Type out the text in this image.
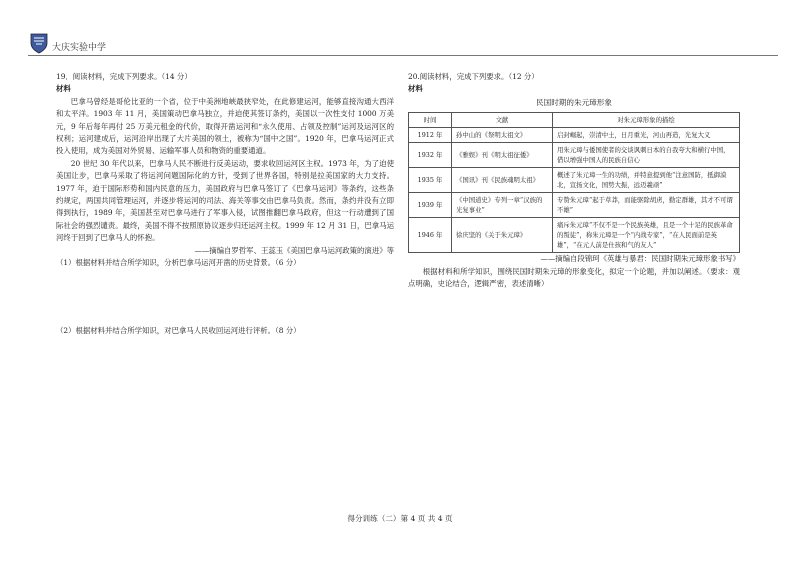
大庆实验中学

19．阅读材料，完成下列要求。（14 分）

材料

巴拿马曾经是哥伦比亚的一个省，位于中美洲地峡最狭窄处，在此修建运河，能够直接沟通大西洋和太平洋。1903 年 11 月，美国策动巴拿马独立，并迫使其签订条约，美国以一次性支付 1000 万美元，9 年后每年再付 25 万美元租金的代价，取得开凿运河和“永久使用、占领及控制”运河及运河区的权利；运河建成后，运河沿岸出现了大片美国的领土，被称为“国中之国”。1920 年，巴拿马运河正式投入使用，成为美国对外贸易、运输军事人员和物资的重要通道。

20 世纪 30 年代以来，巴拿马人民不断进行反美运动，要求收回运河区主权。1973 年，为了迫使美国让步，巴拿马采取了将运河问题国际化的方针，受到了世界各国，特别是拉美国家的大力支持。1977 年，迫于国际形势和国内民意的压力，美国政府与巴拿马签订了《巴拿马运河》等条约，这些条约规定，两国共同管理运河，并逐步将运河的司法、海关等事交由巴拿马负责。然而，条约并没有立即得到执行，1989 年，美国甚至对巴拿马进行了军事入侵，试图推翻巴拿马政府，但这一行动遭到了国际社会的强烈谴责。最终，美国不得不按照原协议逐步归还运河主权。1999 年 12 月 31 日，巴拿马运河终于回到了巴拿马人的怀抱。

——摘编自罗哲军、王蕊玉《美国巴拿马运河政策的演进》等

（1）根据材料并结合所学知识，分析巴拿马运河开凿的历史背景。（6 分）

（2）根据材料并结合所学知识，对巴拿马人民收回运河进行评析。（8 分）

20.阅读材料，完成下列要求。（12 分）

材料

民国时期的朱元璋形象

时间	文献	对朱元璋形象的描绘
1912 年	孙中山的《祭明太祖文》	启封崛起，崇清中土，日月重光，河山再造，光复大义
1932 年	《雅娱》刊《明太祖征倭》	用朱元璋与倭国使者的交谈讽刺日本的自我夸大和横行中国，借以增强中国人的民族自信心
1935 年	《国讯》刊《民族魂明太祖》	概述了朱元璋一生的功绩，并特意提到他“注意国防，抵御漠北，宣扬文化，国势大振，远迈羲顽”
1939 年	《中国道史》专列一章“汉族的光复事业”	专赞朱元璋“起于草莽，而能驱除胡虏，勤定群雄，其才不可谓不雄”
1946 年	徐庆坚的《关于朱元璋》	痛斥朱元璋“不仅不是一个民族英雄，且是一个十足的民族革命的叛徒”，称朱元璋是一个“内战专家”，“在人民面前是英雄”，“在元人前是仕孩和气的友人”

——摘编自段锦珂《英雄与暴君：民国时期朱元璋形象书写》

根据材料和所学知识，围绕民国时期朱元璋的形象变化，拟定一个论题，并加以阐述。（要求：观点明确，史论结合，逻辑严密，表述清晰）

得分训练（二）第 4 页 共 4 页
